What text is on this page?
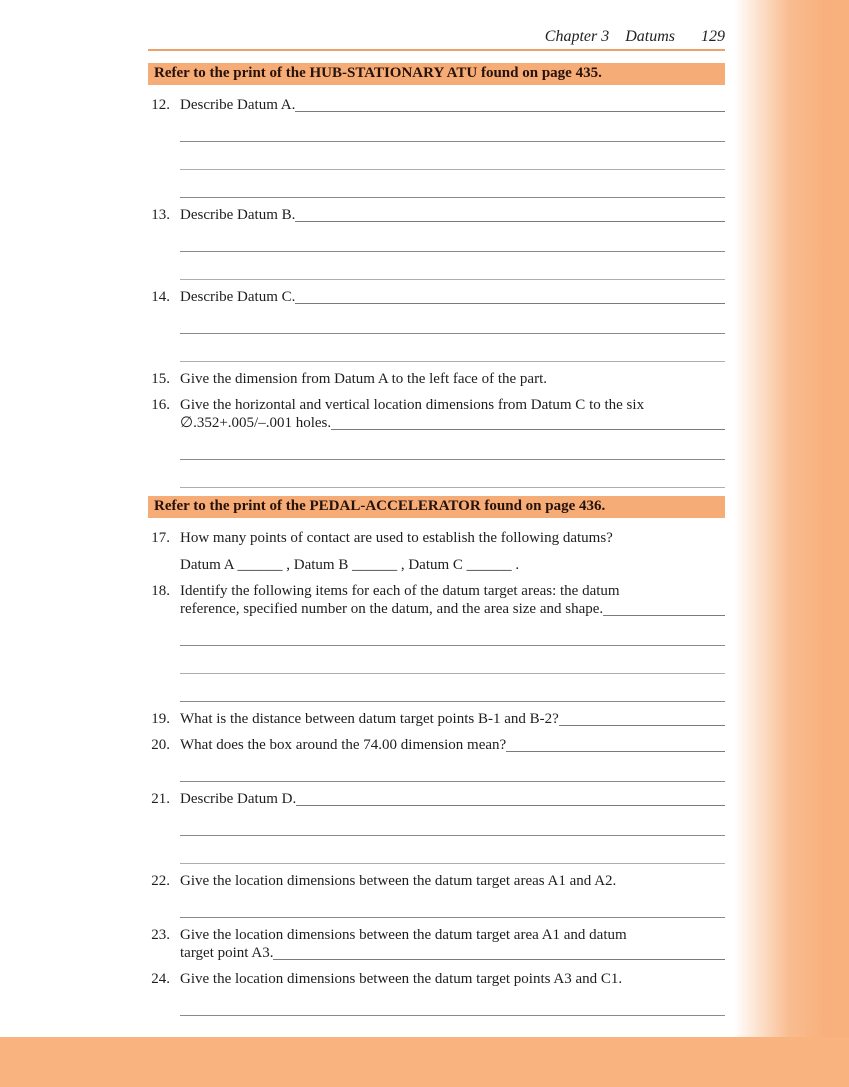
Chapter 3 Datums 129
Refer to the print of the HUB-STATIONARY ATU found on page 435.
12. Describe Datum A.
13. Describe Datum B.
14. Describe Datum C.
15. Give the dimension from Datum A to the left face of the part.
16. Give the horizontal and vertical location dimensions from Datum C to the six
∅.352+.005/–.001 holes.
Refer to the print of the PEDAL-ACCELERATOR found on page 436.
17. How many points of contact are used to establish the following datums?
Datum A ______ , Datum B ______ , Datum C ______ .
18. Identify the following items for each of the datum target areas: the datum
reference, specified number on the datum, and the area size and shape.
19. What is the distance between datum target points B-1 and B-2?
20. What does the box around the 74.00 dimension mean?
21. Describe Datum D.
22. Give the location dimensions between the datum target areas A1 and A2.
23. Give the location dimensions between the datum target area A1 and datum
target point A3.
24. Give the location dimensions between the datum target points A3 and C1.
